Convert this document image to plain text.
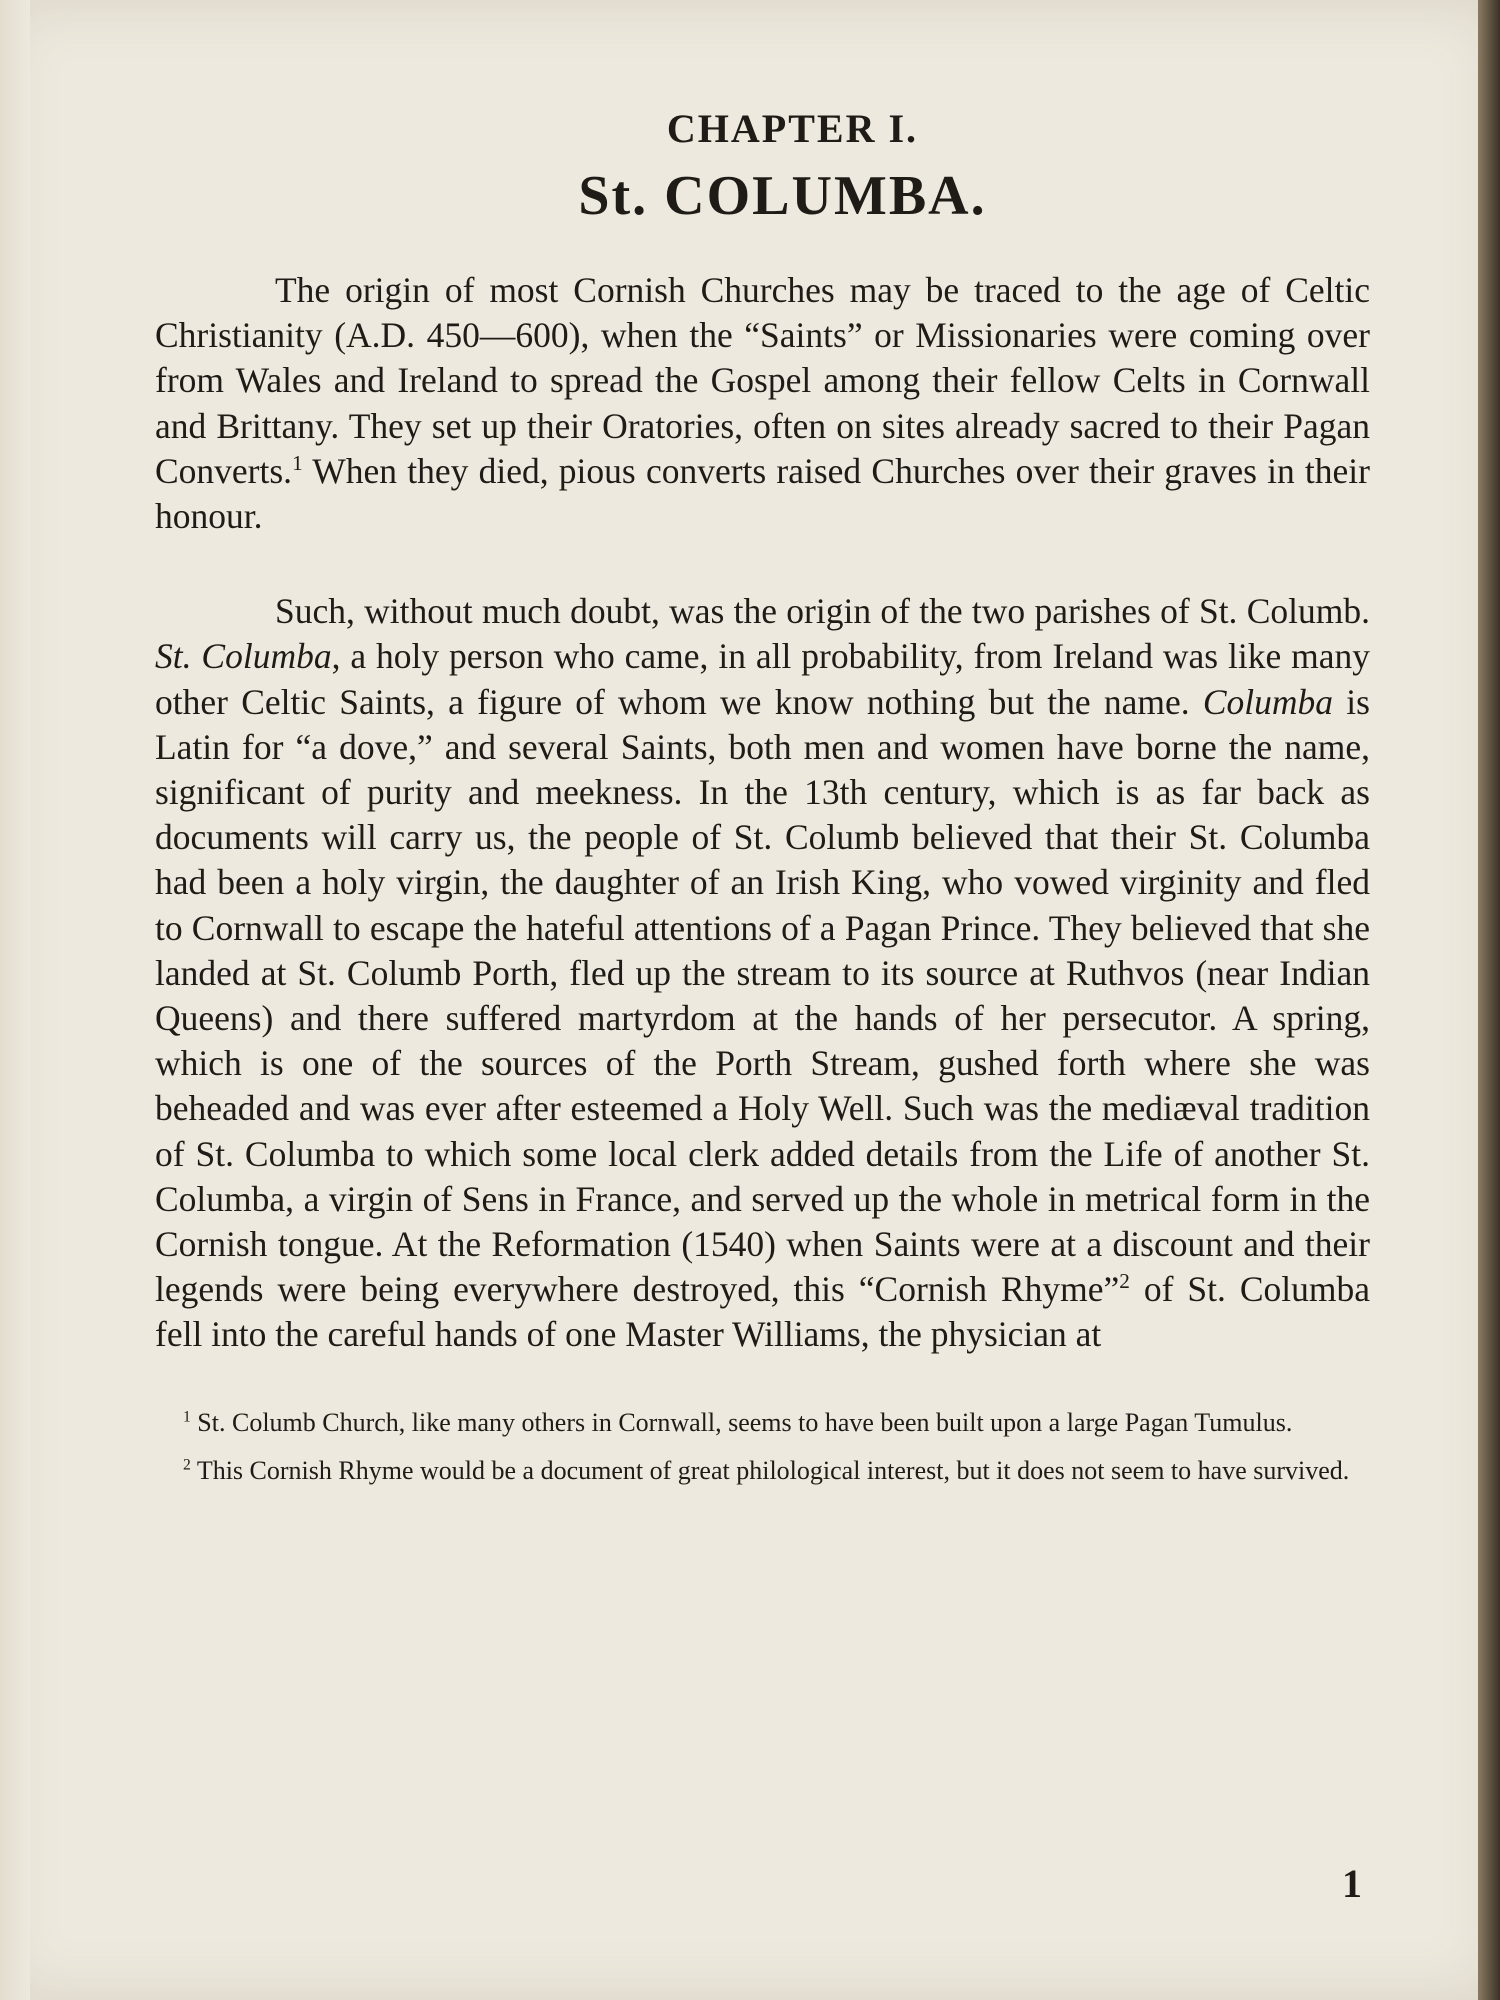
CHAPTER I.
St. COLUMBA.

The origin of most Cornish Churches may be traced to the age of Celtic Christianity (A.D. 450—600), when the “Saints” or Missionaries were coming over from Wales and Ireland to spread the Gospel among their fellow Celts in Cornwall and Brittany. They set up their Oratories, often on sites already sacred to their Pagan Converts.$^1$ When they died, pious converts raised Churches over their graves in their honour.

Such, without much doubt, was the origin of the two parishes of St. Columb. St. Columba, a holy person who came, in all probability, from Ireland was like many other Celtic Saints, a figure of whom we know nothing but the name. Columba is Latin for “a dove,” and several Saints, both men and women have borne the name, significant of purity and meekness. In the 13th century, which is as far back as documents will carry us, the people of St. Columb believed that their St. Columba had been a holy virgin, the daughter of an Irish King, who vowed virginity and fled to Cornwall to escape the hateful attentions of a Pagan Prince. They believed that she landed at St. Columb Porth, fled up the stream to its source at Ruthvos (near Indian Queens) and there suffered martyrdom at the hands of her persecutor. A spring, which is one of the sources of the Porth Stream, gushed forth where she was beheaded and was ever after esteemed a Holy Well. Such was the mediæval tradition of St. Columba to which some local clerk added details from the Life of another St. Columba, a virgin of Sens in France, and served up the whole in metrical form in the Cornish tongue. At the Reformation (1540) when Saints were at a discount and their legends were being everywhere destroyed, this “Cornish Rhyme”$^2$ of St. Columba fell into the careful hands of one Master Williams, the physician at

$^1$ St. Columb Church, like many others in Cornwall, seems to have been built upon a large Pagan Tumulus.

$^2$ This Cornish Rhyme would be a document of great philological interest, but it does not seem to have survived.

1
